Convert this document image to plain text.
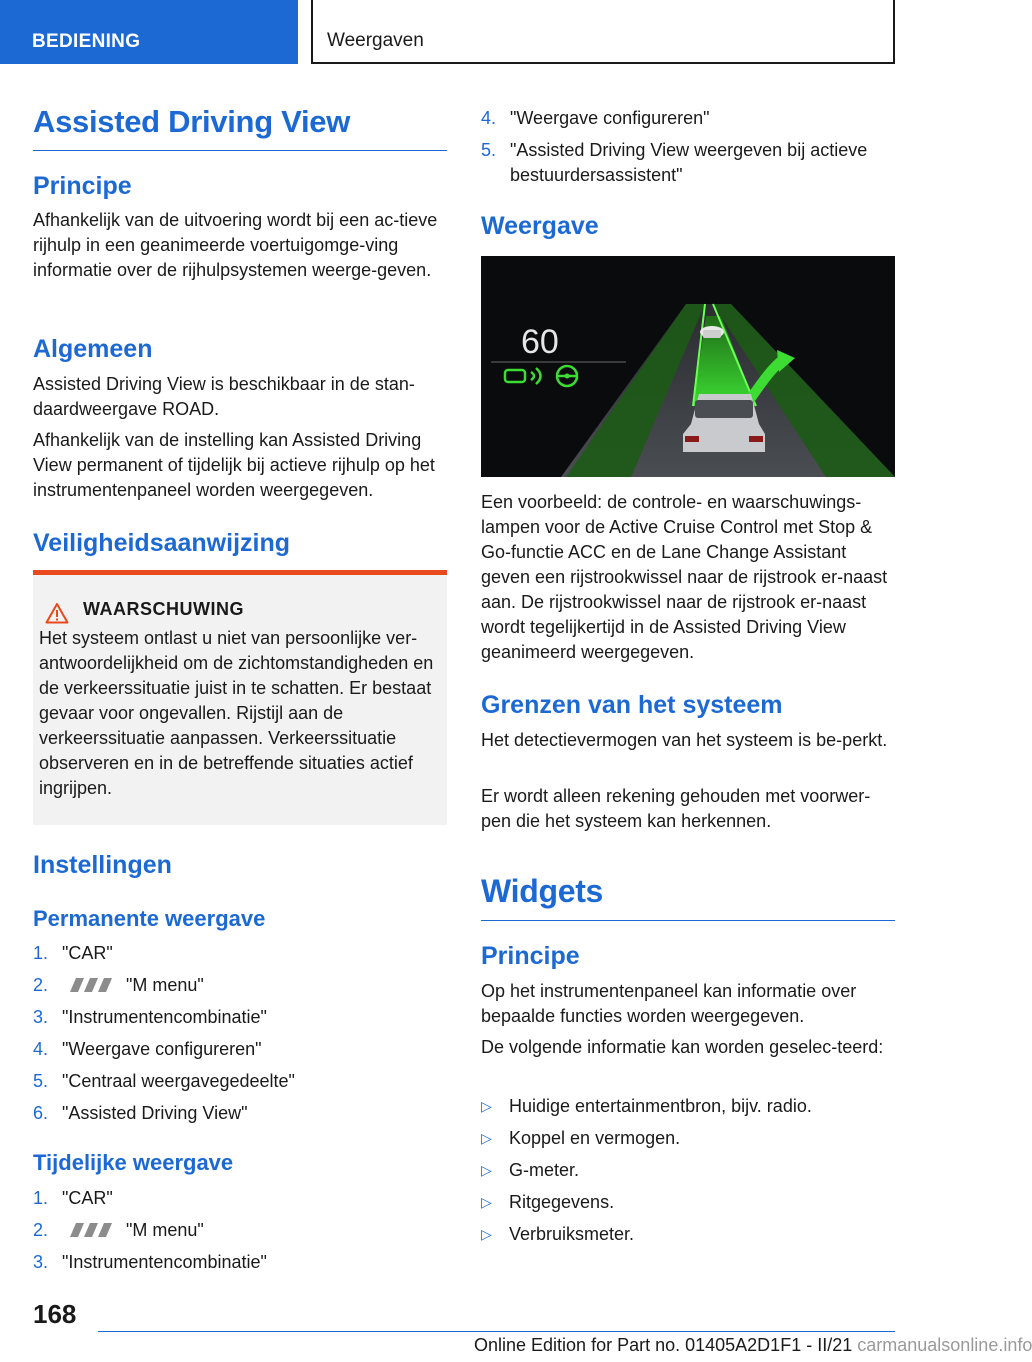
BEDIENING	Weergaven
Assisted Driving View
Principe
Afhankelijk van de uitvoering wordt bij een ac-tieve rijhulp in een geanimeerde voertuigomge-ving informatie over de rijhulpsystemen weerge-geven.
Algemeen
Assisted Driving View is beschikbaar in de stan-daardweergave ROAD.
Afhankelijk van de instelling kan Assisted Driving View permanent of tijdelijk bij actieve rijhulp op het instrumentenpaneel worden weergegeven.
Veiligheidsaanwijzing
WAARSCHUWING
Het systeem ontlast u niet van persoonlijke ver-antwoordelijkheid om de zichtomstandigheden en de verkeerssituatie juist in te schatten. Er bestaat gevaar voor ongevallen. Rijstijl aan de verkeerssituatie aanpassen. Verkeerssituatie observeren en in de betreffende situaties actief ingrijpen.
Instellingen
Permanente weergave
1. "CAR"
2.	"M menu"
3. "Instrumentencombinatie"
4. "Weergave configureren"
5. "Centraal weergavegedeelte"
6. "Assisted Driving View"
Tijdelijke weergave
1. "CAR"
2.	"M menu"
3. "Instrumentencombinatie"
4. "Weergave configureren"
5. "Assisted Driving View weergeven bij actieve bestuurdersassistent"
Weergave
60
Een voorbeeld: de controle- en waarschuwings-lampen voor de Active Cruise Control met Stop & Go-functie ACC en de Lane Change Assistant geven een rijstrookwissel naar de rijstrook er-naast aan. De rijstrookwissel naar de rijstrook er-naast wordt tegelijkertijd in de Assisted Driving View geanimeerd weergegeven.
Grenzen van het systeem
Het detectievermogen van het systeem is be-perkt.
Er wordt alleen rekening gehouden met voorwer-pen die het systeem kan herkennen.
Widgets
Principe
Op het instrumentenpaneel kan informatie over bepaalde functies worden weergegeven.
De volgende informatie kan worden geselec-teerd:
▷ Huidige entertainmentbron, bijv. radio.
▷ Koppel en vermogen.
▷ G-meter.
▷ Ritgegevens.
▷ Verbruiksmeter.
168
Online Edition for Part no. 01405A2D1F1 - II/21 carmanualsonline.info
